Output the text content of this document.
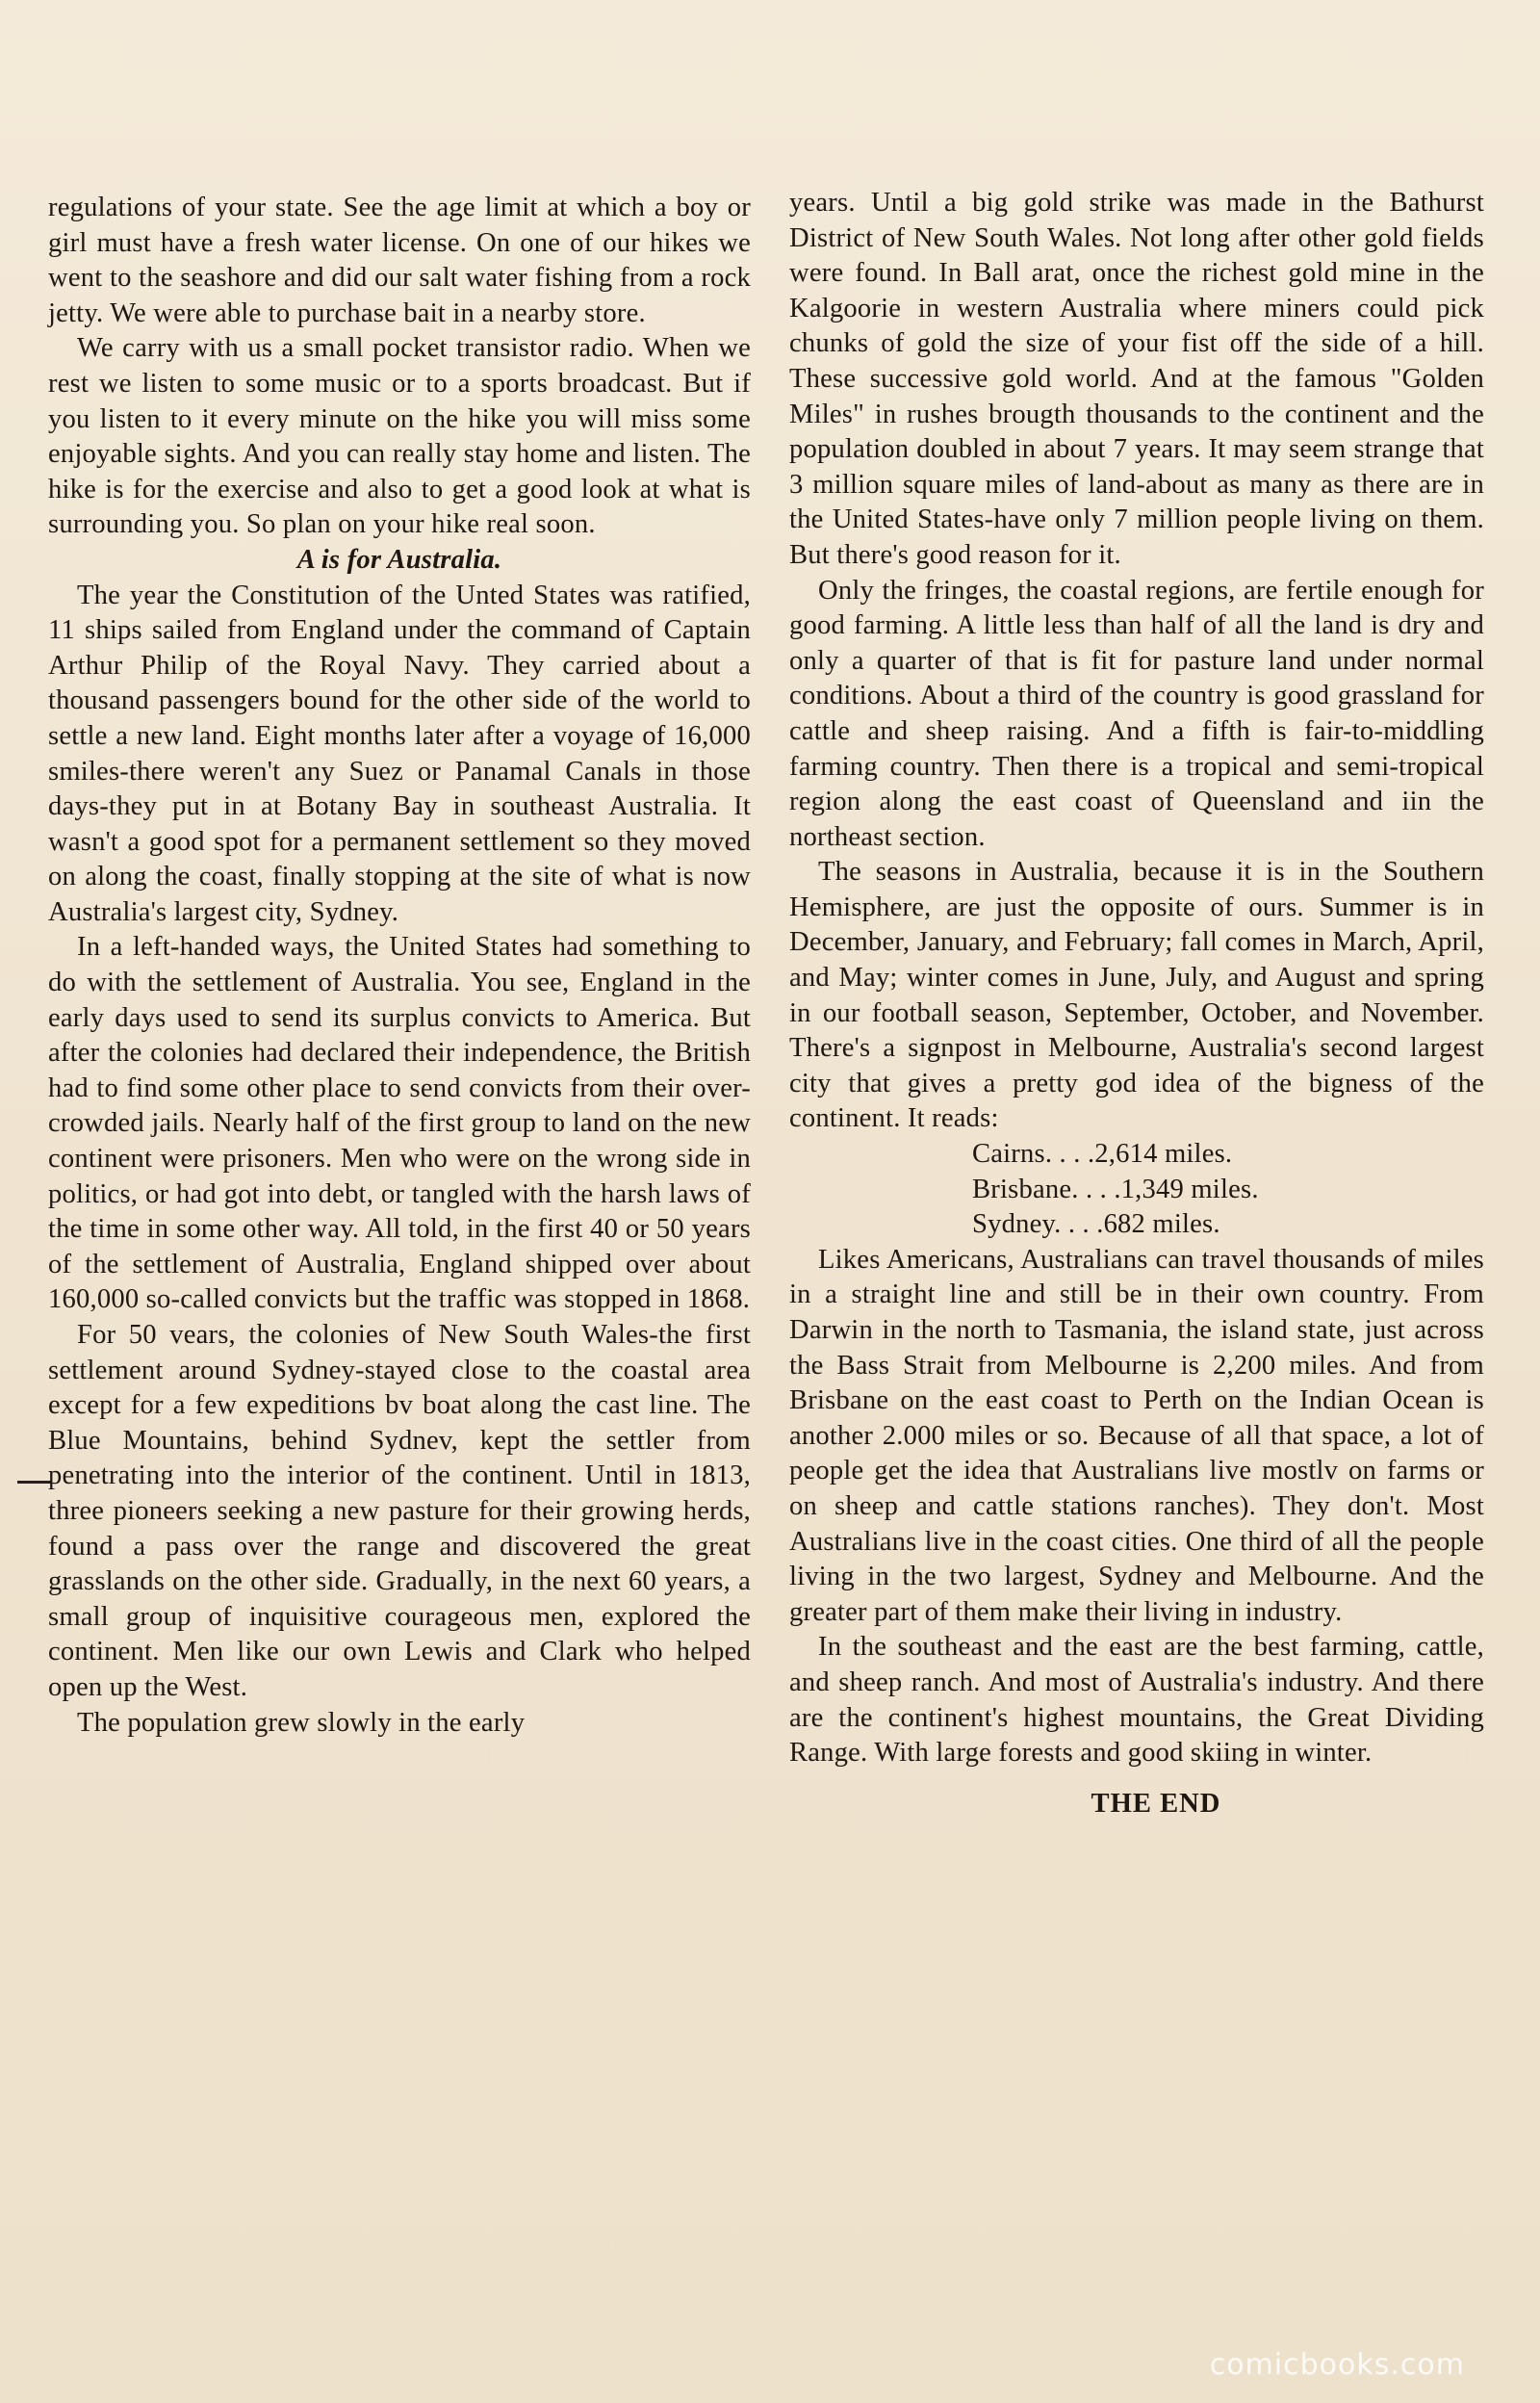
regulations of your state. See the age limit at which a boy or girl must have a fresh water license. On one of our hikes we went to the seashore and did our salt water fishing from a rock jetty. We were able to purchase bait in a nearby store.

We carry with us a small pocket transistor radio. When we rest we listen to some music or to a sports broadcast. But if you listen to it every minute on the hike you will miss some enjoyable sights. And you can really stay home and listen. The hike is for the exercise and also to get a good look at what is surrounding you. So plan on your hike real soon.

A is for Australia.

The year the Constitution of the Unted States was ratified, 11 ships sailed from England under the command of Captain Arthur Philip of the Royal Navy. They carried about a thousand passengers bound for the other side of the world to settle a new land. Eight months later after a voyage of 16,000 smiles-there weren't any Suez or Panamal Canals in those days-they put in at Botany Bay in southeast Australia. It wasn't a good spot for a permanent settlement so they moved on along the coast, finally stopping at the site of what is now Australia's largest city, Sydney.

In a left-handed ways, the United States had something to do with the settlement of Australia. You see, England in the early days used to send its surplus convicts to America. But after the colonies had declared their independence, the British had to find some other place to send convicts from their over-crowded jails. Nearly half of the first group to land on the new continent were prisoners. Men who were on the wrong side in politics, or had got into debt, or tangled with the harsh laws of the time in some other way. All told, in the first 40 or 50 years of the settlement of Australia, England shipped over about 160,000 so-called convicts but the traffic was stopped in 1868.

For 50 vears, the colonies of New South Wales-the first settlement around Sydney-stayed close to the coastal area except for a few expeditions bv boat along the cast line. The Blue Mountains, behind Sydnev, kept the settler from penetrating into the interior of the continent. Until in 1813, three pioneers seeking a new pasture for their growing herds, found a pass over the range and discovered the great grasslands on the other side. Gradually, in the next 60 years, a small group of inquisitive courageous men, explored the continent. Men like our own Lewis and Clark who helped open up the West.

The population grew slowly in the early

years. Until a big gold strike was made in the Bathurst District of New South Wales. Not long after other gold fields were found. In Ball arat, once the richest gold mine in the Kalgoorie in western Australia where miners could pick chunks of gold the size of your fist off the side of a hill. These successive gold world. And at the famous "Golden Miles" in rushes brougth thousands to the continent and the population doubled in about 7 years. It may seem strange that 3 million square miles of land-about as many as there are in the United States-have only 7 million people living on them. But there's good reason for it.

Only the fringes, the coastal regions, are fertile enough for good farming. A little less than half of all the land is dry and only a quarter of that is fit for pasture land under normal conditions. About a third of the country is good grassland for cattle and sheep raising. And a fifth is fair-to-middling farming country. Then there is a tropical and semi-tropical region along the east coast of Queensland and iin the northeast section.

The seasons in Australia, because it is in the Southern Hemisphere, are just the opposite of ours. Summer is in December, January, and February; fall comes in March, April, and May; winter comes in June, July, and August and spring in our football season, September, October, and November. There's a signpost in Melbourne, Australia's second largest city that gives a pretty god idea of the bigness of the continent. It reads:

Cairns. . . .2,614 miles.
Brisbane. . . .1,349 miles.
Sydney. . . .682 miles.

Likes Americans, Australians can travel thousands of miles in a straight line and still be in their own country. From Darwin in the north to Tasmania, the island state, just across the Bass Strait from Melbourne is 2,200 miles. And from Brisbane on the east coast to Perth on the Indian Ocean is another 2.000 miles or so. Because of all that space, a lot of people get the idea that Australians live mostlv on farms or on sheep and cattle stations ranches). They don't. Most Australians live in the coast cities. One third of all the people living in the two largest, Sydney and Melbourne. And the greater part of them make their living in industry.

In the southeast and the east are the best farming, cattle, and sheep ranch. And most of Australia's industry. And there are the continent's highest mountains, the Great Dividing Range. With large forests and good skiing in winter.

THE END
comicbooks.com
